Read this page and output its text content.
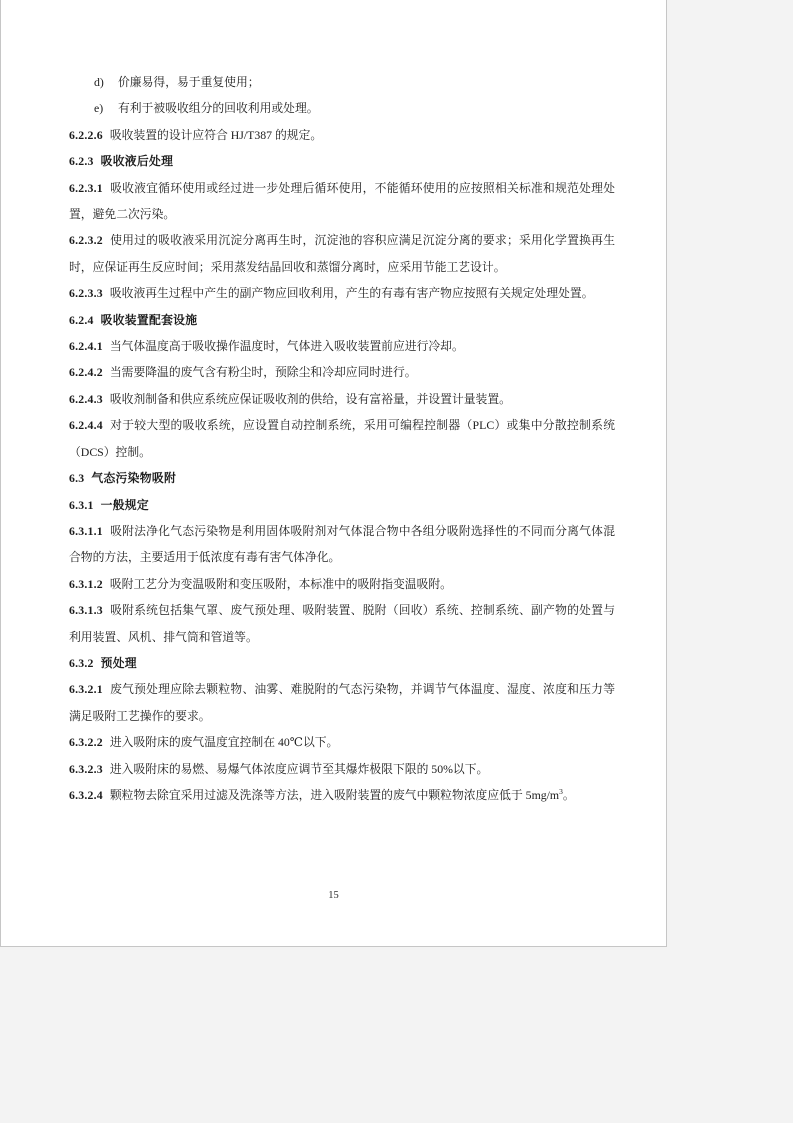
d) 价廉易得，易于重复使用；

e) 有利于被吸收组分的回收利用或处理。

6.2.2.6 吸收装置的设计应符合 HJ/T387 的规定。

6.2.3 吸收液后处理

6.2.3.1 吸收液宜循环使用或经过进一步处理后循环使用，不能循环使用的应按照相关标准和规范处理处置，避免二次污染。

6.2.3.2 使用过的吸收液采用沉淀分离再生时，沉淀池的容积应满足沉淀分离的要求；采用化学置换再生时，应保证再生反应时间；采用蒸发结晶回收和蒸馏分离时，应采用节能工艺设计。

6.2.3.3 吸收液再生过程中产生的副产物应回收利用，产生的有毒有害产物应按照有关规定处理处置。

6.2.4 吸收装置配套设施

6.2.4.1 当气体温度高于吸收操作温度时，气体进入吸收装置前应进行冷却。

6.2.4.2 当需要降温的废气含有粉尘时，预除尘和冷却应同时进行。

6.2.4.3 吸收剂制备和供应系统应保证吸收剂的供给，设有富裕量，并设置计量装置。

6.2.4.4 对于较大型的吸收系统，应设置自动控制系统，采用可编程控制器（PLC）或集中分散控制系统（DCS）控制。

6.3 气态污染物吸附

6.3.1 一般规定

6.3.1.1 吸附法净化气态污染物是利用固体吸附剂对气体混合物中各组分吸附选择性的不同而分离气体混合物的方法，主要适用于低浓度有毒有害气体净化。

6.3.1.2 吸附工艺分为变温吸附和变压吸附，本标准中的吸附指变温吸附。

6.3.1.3 吸附系统包括集气罩、废气预处理、吸附装置、脱附（回收）系统、控制系统、副产物的处置与利用装置、风机、排气筒和管道等。

6.3.2 预处理

6.3.2.1 废气预处理应除去颗粒物、油雾、难脱附的气态污染物，并调节气体温度、湿度、浓度和压力等满足吸附工艺操作的要求。

6.3.2.2 进入吸附床的废气温度宜控制在 40℃以下。

6.3.2.3 进入吸附床的易燃、易爆气体浓度应调节至其爆炸极限下限的 50%以下。

6.3.2.4 颗粒物去除宜采用过滤及洗涤等方法，进入吸附装置的废气中颗粒物浓度应低于 $5mg/m^3$。

15
